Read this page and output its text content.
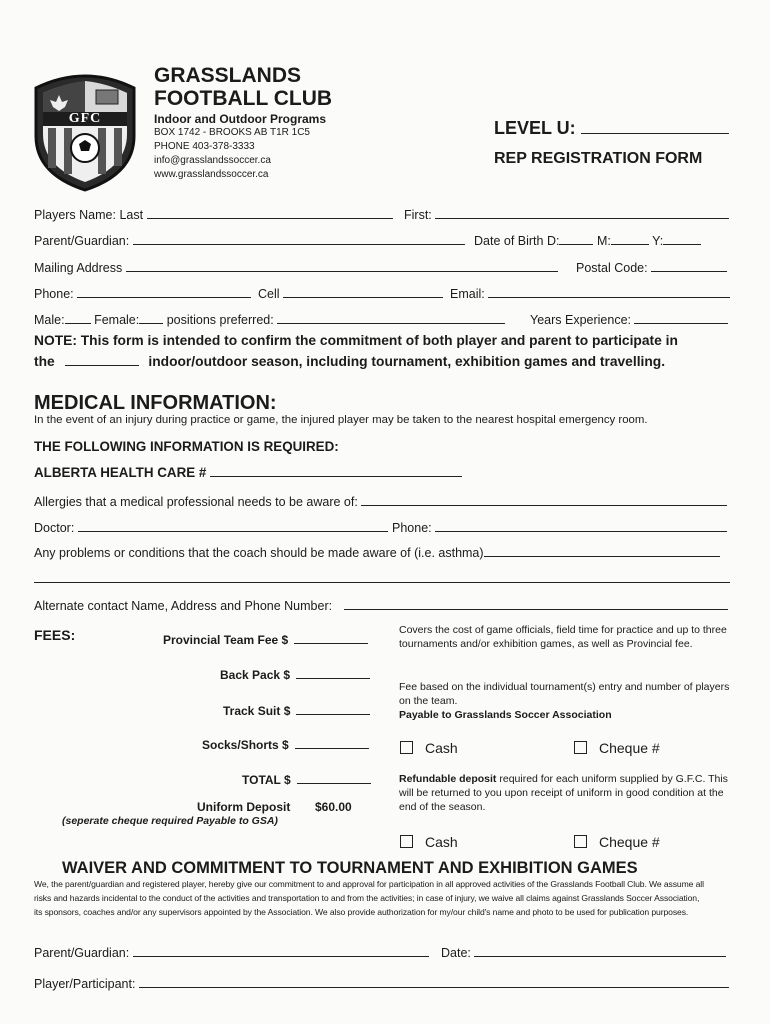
GFC
GRASSLANDS
FOOTBALL CLUB
Indoor and Outdoor Programs
BOX 1742 - BROOKS AB T1R 1C5
PHONE 403-378-3333
info@grasslandssoccer.ca
www.grasslandssoccer.ca
LEVEL U:
REP REGISTRATION FORM
Players Name: Last	First:
Parent/Guardian:	Date of Birth D:	M:	Y:
Mailing Address	Postal Code:
Phone:	Cell	Email:
Male: Female: positions preferred:	Years Experience:
NOTE: This form is intended to confirm the commitment of both player and parent to participate in
the	indoor/outdoor season, including tournament, exhibition games and travelling.
MEDICAL INFORMATION:
In the event of an injury during practice or game, the injured player may be taken to the nearest hospital emergency room.
THE FOLLOWING INFORMATION IS REQUIRED:
ALBERTA HEALTH CARE #
Allergies that a medical professional needs to be aware of:
Doctor:	Phone:
Any problems or conditions that the coach should be made aware of (i.e. asthma)
Alternate contact Name, Address and Phone Number:
FEES:	Provincial Team Fee $
Back Pack $
Track Suit $
Socks/Shorts $
TOTAL $
Uniform Deposit $60.00
(seperate cheque required Payable to GSA)
Covers the cost of game officials, field time for practice and up to three tournaments and/or exhibition games, as well as Provincial fee.
Fee based on the individual tournament(s) entry and number of players on the team.
Payable to Grasslands Soccer Association
Cash	Cheque #
Refundable deposit required for each uniform supplied by G.F.C. This will be returned to you upon receipt of uniform in good condition at the end of the season.
Cash	Cheque #
WAIVER AND COMMITMENT TO TOURNAMENT AND EXHIBITION GAMES
We, the parent/guardian and registered player, hereby give our commitment to and approval for participation in all approved activities of the Grasslands Football Club. We assume all
risks and hazards incidental to the conduct of the activities and transportation to and from the activities; in case of injury, we waive all claims against Grasslands Soccer Association,
its sponsors, coaches and/or any supervisors appointed by the Association. We also provide authorization for my/our child's name and photo to be used for publication purposes.
Parent/Guardian:	Date:
Player/Participant:
